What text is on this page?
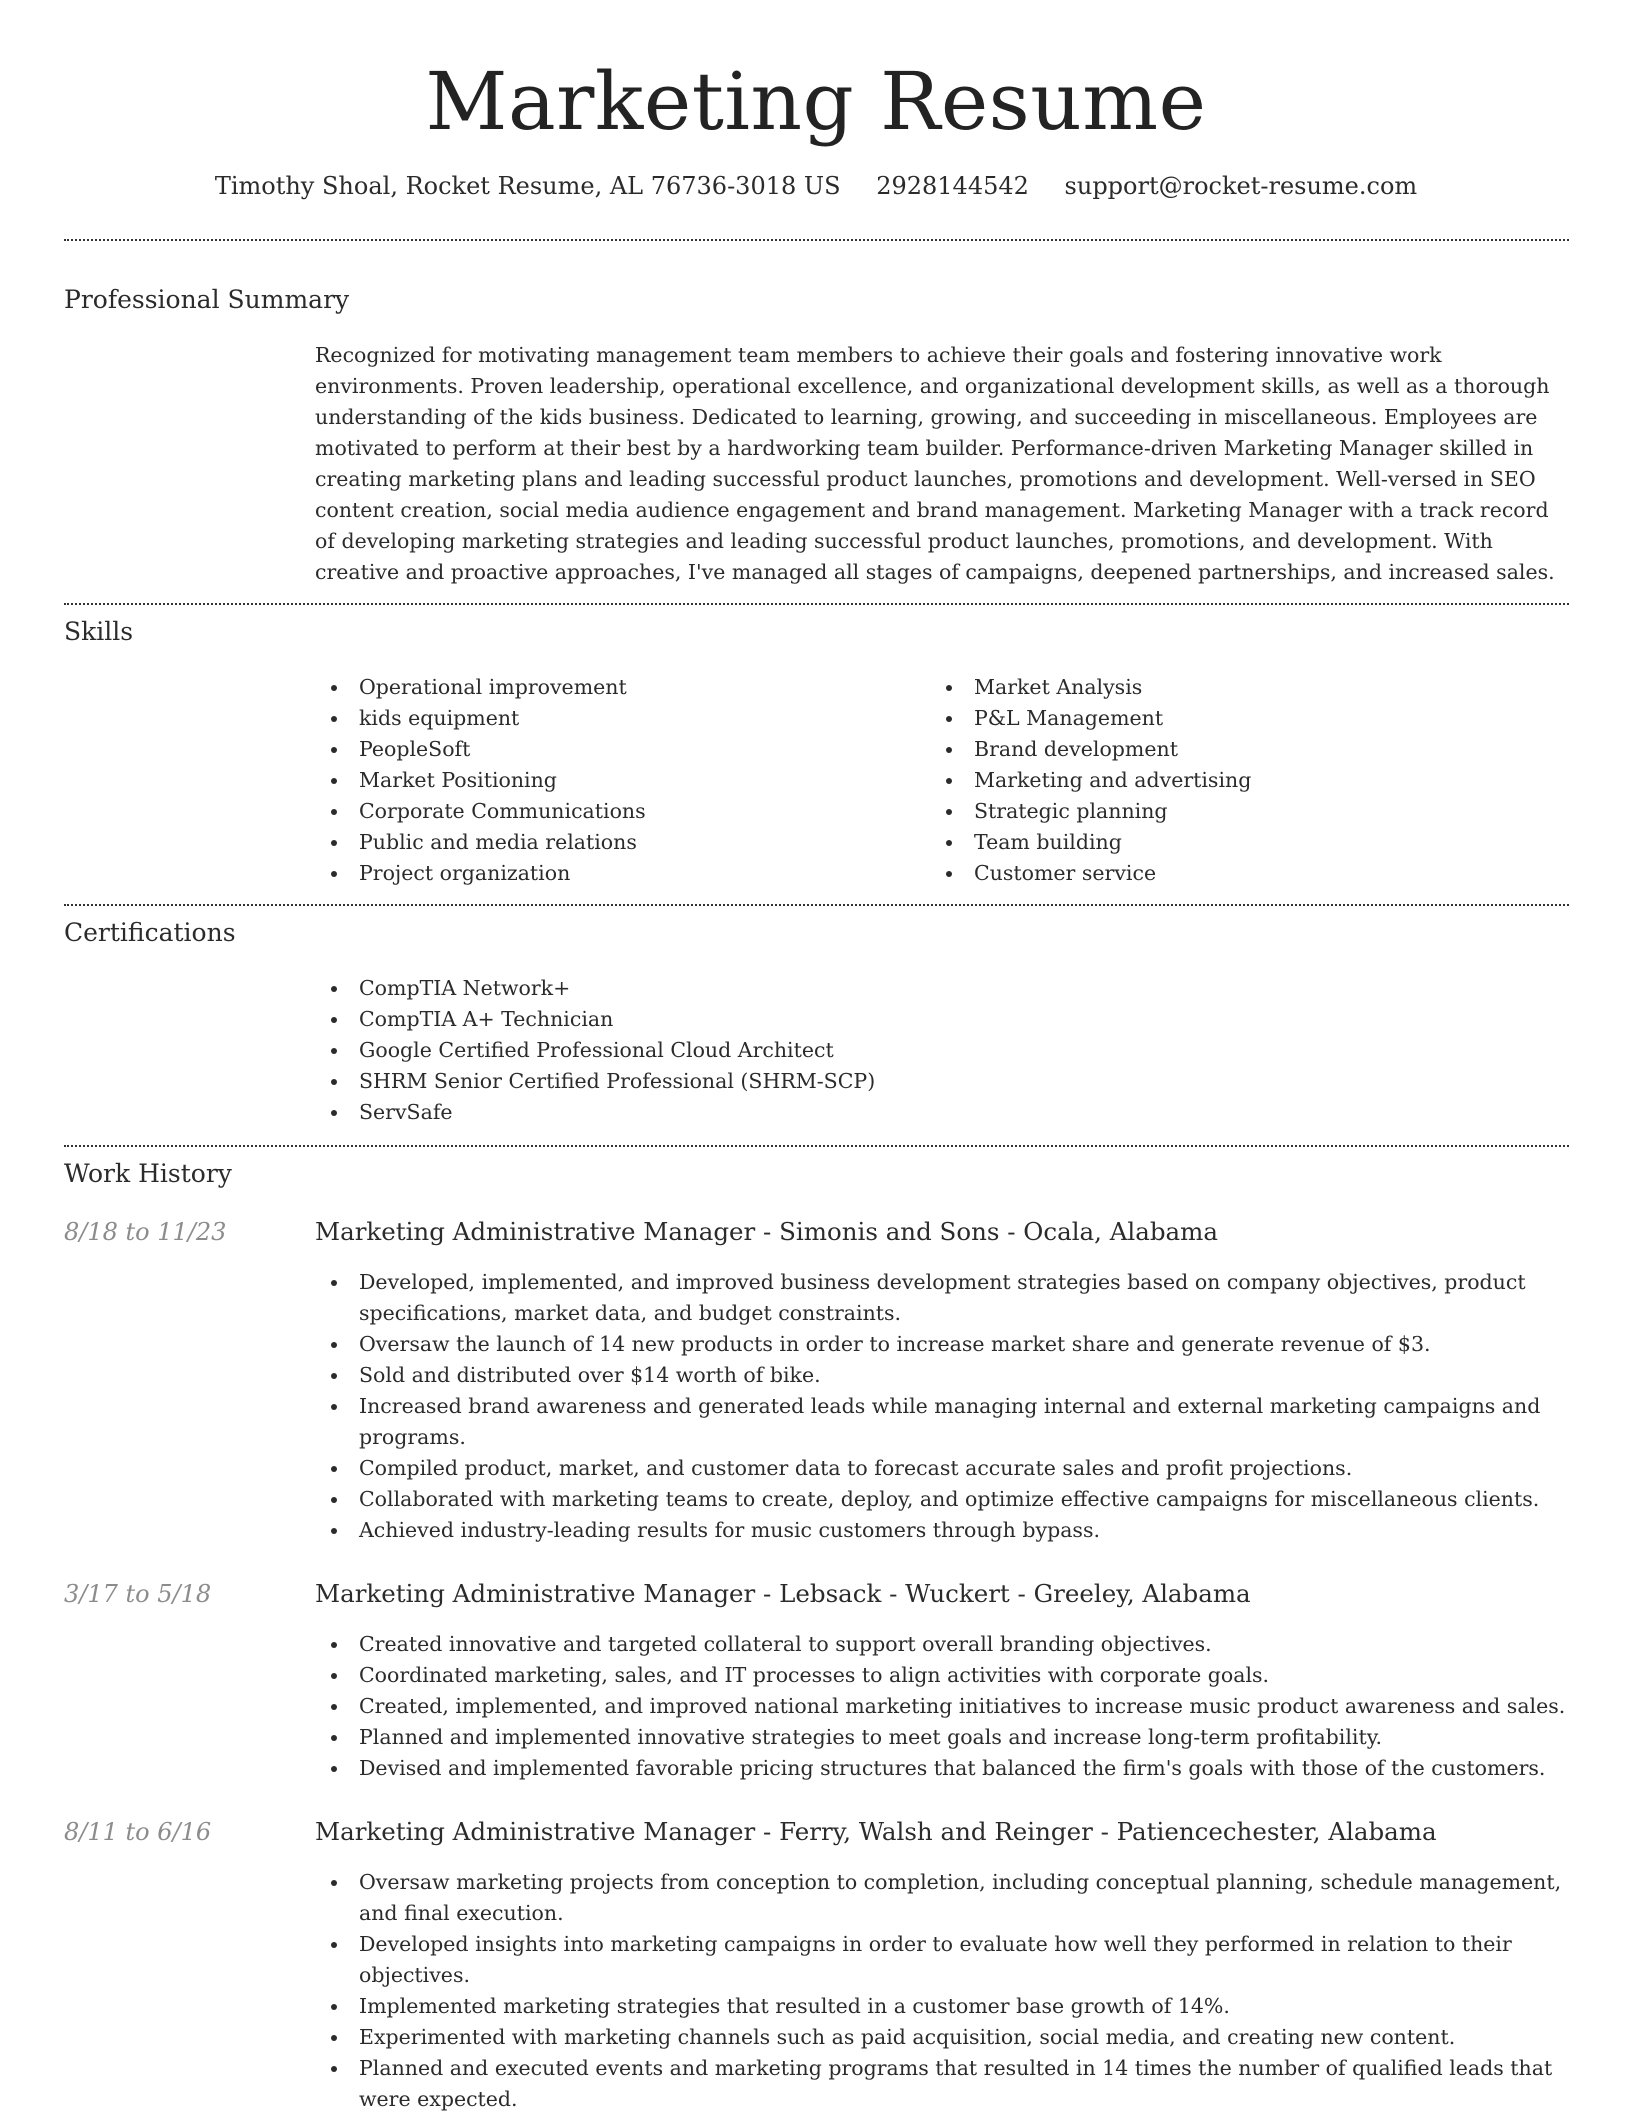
Marketing Resume
Timothy Shoal, Rocket Resume, AL 76736-3018 US 2928144542 support@rocket-resume.com
Professional Summary
Recognized for motivating management team members to achieve their goals and fostering innovative work environments. Proven leadership, operational excellence, and organizational development skills, as well as a thorough understanding of the kids business. Dedicated to learning, growing, and succeeding in miscellaneous. Employees are motivated to perform at their best by a hardworking team builder. Performance-driven Marketing Manager skilled in creating marketing plans and leading successful product launches, promotions and development. Well-versed in SEO content creation, social media audience engagement and brand management. Marketing Manager with a track record of developing marketing strategies and leading successful product launches, promotions, and development. With creative and proactive approaches, I've managed all stages of campaigns, deepened partnerships, and increased sales.
Skills
Operational improvement
kids equipment
PeopleSoft
Market Positioning
Corporate Communications
Public and media relations
Project organization
Market Analysis
P&L Management
Brand development
Marketing and advertising
Strategic planning
Team building
Customer service
Certifications
CompTIA Network+
CompTIA A+ Technician
Google Certified Professional Cloud Architect
SHRM Senior Certified Professional (SHRM-SCP)
ServSafe
Work History
8/18 to 11/23	Marketing Administrative Manager - Simonis and Sons - Ocala, Alabama
Developed, implemented, and improved business development strategies based on company objectives, product specifications, market data, and budget constraints.
Oversaw the launch of 14 new products in order to increase market share and generate revenue of $3.
Sold and distributed over $14 worth of bike.
Increased brand awareness and generated leads while managing internal and external marketing campaigns and programs.
Compiled product, market, and customer data to forecast accurate sales and profit projections.
Collaborated with marketing teams to create, deploy, and optimize effective campaigns for miscellaneous clients.
Achieved industry-leading results for music customers through bypass.
3/17 to 5/18	Marketing Administrative Manager - Lebsack - Wuckert - Greeley, Alabama
Created innovative and targeted collateral to support overall branding objectives.
Coordinated marketing, sales, and IT processes to align activities with corporate goals.
Created, implemented, and improved national marketing initiatives to increase music product awareness and sales.
Planned and implemented innovative strategies to meet goals and increase long-term profitability.
Devised and implemented favorable pricing structures that balanced the firm's goals with those of the customers.
8/11 to 6/16	Marketing Administrative Manager - Ferry, Walsh and Reinger - Patiencechester, Alabama
Oversaw marketing projects from conception to completion, including conceptual planning, schedule management, and final execution.
Developed insights into marketing campaigns in order to evaluate how well they performed in relation to their objectives.
Implemented marketing strategies that resulted in a customer base growth of 14%.
Experimented with marketing channels such as paid acquisition, social media, and creating new content.
Planned and executed events and marketing programs that resulted in 14 times the number of qualified leads that were expected.
